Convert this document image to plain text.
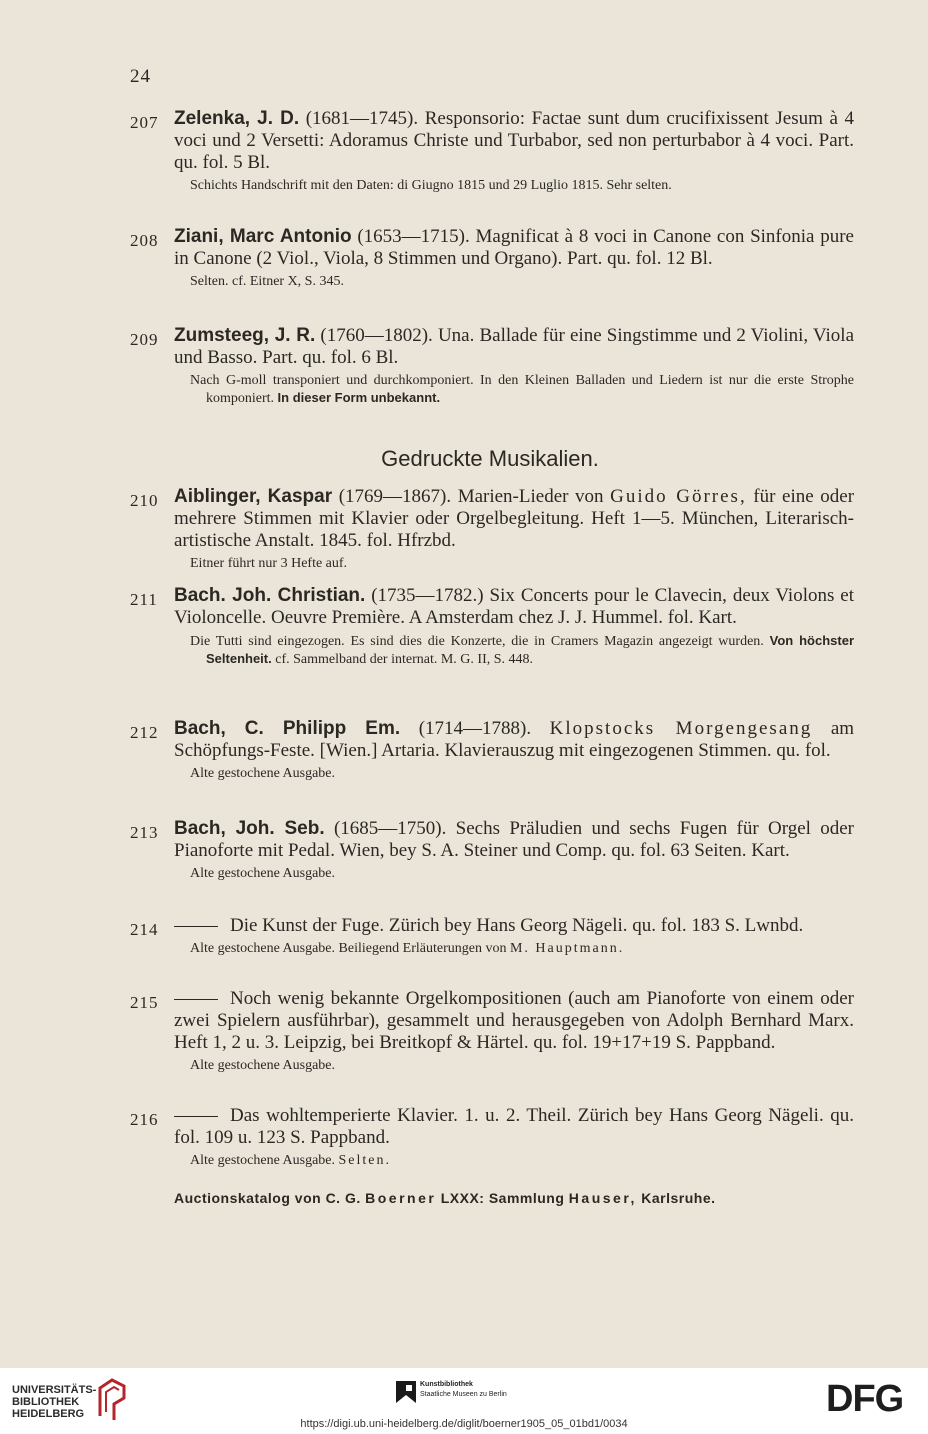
24
207 Zelenka, J. D. (1681—1745). Responsorio: Factae sunt dum crucifixissent Jesum à 4 voci und 2 Versetti: Adoramus Christe und Turbabor, sed non perturbabor à 4 voci. Part. qu. fol. 5 Bl.
Schichts Handschrift mit den Daten: di Giugno 1815 und 29 Luglio 1815. Sehr selten.
208 Ziani, Marc Antonio (1653—1715). Magnificat à 8 voci in Canone con Sinfonia pure in Canone (2 Viol., Viola, 8 Stimmen und Organo). Part. qu. fol. 12 Bl.
Selten. cf. Eitner X, S. 345.
209 Zumsteeg, J. R. (1760—1802). Una. Ballade für eine Singstimme und 2 Violini, Viola und Basso. Part. qu. fol. 6 Bl.
Nach G-moll transponiert und durchkomponiert. In den Kleinen Balladen und Liedern ist nur die erste Strophe komponiert. In dieser Form unbekannt.
Gedruckte Musikalien.
210 Aiblinger, Kaspar (1769—1867). Marien-Lieder von Guido Görres, für eine oder mehrere Stimmen mit Klavier oder Orgelbegleitung. Heft 1—5. München, Literarisch-artistische Anstalt. 1845. fol. Hfrzbd.
Eitner führt nur 3 Hefte auf.
211 Bach. Joh. Christian. (1735—1782.) Six Concerts pour le Clavecin, deux Violons et Violoncelle. Oeuvre Première. A Amsterdam chez J. J. Hummel. fol. Kart.
Die Tutti sind eingezogen. Es sind dies die Konzerte, die in Cramers Magazin angezeigt wurden. Von höchster Seltenheit. cf. Sammelband der internat. M. G. II, S. 448.
212 Bach, C. Philipp Em. (1714—1788). Klopstocks Morgengesang am Schöpfungs-Feste. [Wien.] Artaria. Klavierauszug mit eingezogenen Stimmen. qu. fol.
Alte gestochene Ausgabe.
213 Bach, Joh. Seb. (1685—1750). Sechs Präludien und sechs Fugen für Orgel oder Pianoforte mit Pedal. Wien, bey S. A. Steiner und Comp. qu. fol. 63 Seiten. Kart.
Alte gestochene Ausgabe.
214	Die Kunst der Fuge. Zürich bey Hans Georg Nägeli. qu. fol. 183 S. Lwnbd.
Alte gestochene Ausgabe. Beiliegend Erläuterungen von M. Hauptmann.
215	Noch wenig bekannte Orgelkompositionen (auch am Pianoforte von einem oder zwei Spielern ausführbar), gesammelt und herausgegeben von Adolph Bernhard Marx. Heft 1, 2 u. 3. Leipzig, bei Breitkopf & Härtel. qu. fol. 19+17+19 S. Pappband.
Alte gestochene Ausgabe.
216	Das wohltemperierte Klavier. 1. u. 2. Theil. Zürich bey Hans Georg Nägeli. qu. fol. 109 u. 123 S. Pappband.
Alte gestochene Ausgabe. Selten.
Auctionskatalog von C. G. Boerner LXXX: Sammlung Hauser, Karlsruhe.
UNIVERSITÄTS-
BIBLIOTHEK
HEIDELBERG
Kunstbibliothek
Staatliche Museen zu Berlin	DFG
https://digi.ub.uni-heidelberg.de/diglit/boerner1905_05_01bd1/0034
